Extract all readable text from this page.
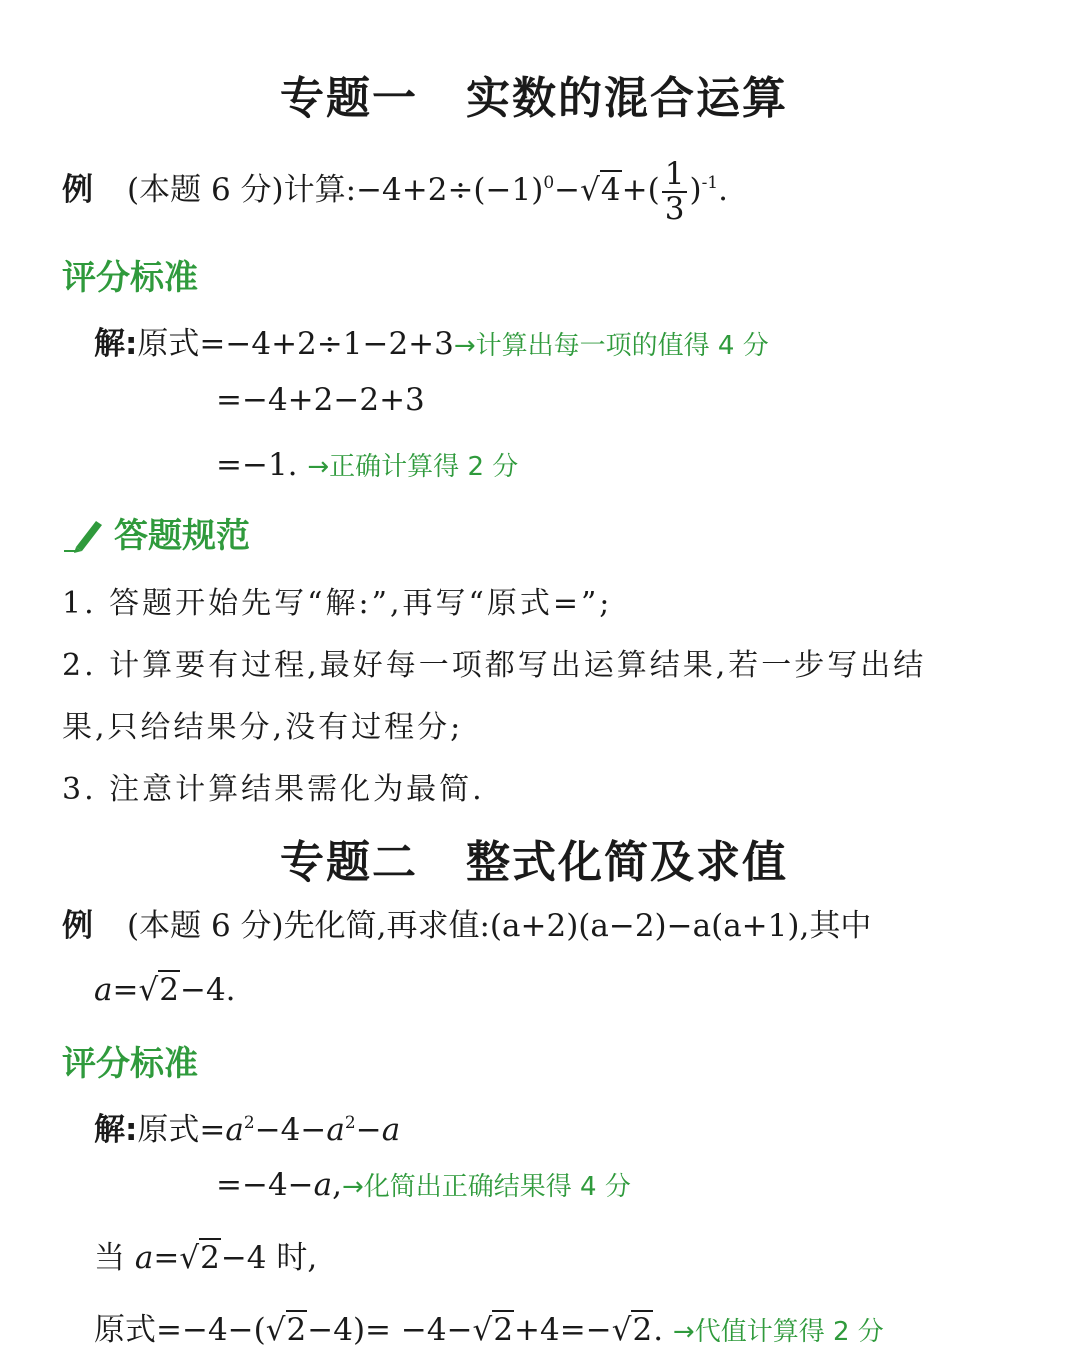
专题一 实数的混合运算
例 (本题 6 分)计算$:-4+2\div(-1)^0-√4+( \frac{1}{3} )^{-1}$.
评分标准
解:原式=−4+2÷1−2+3→计算出每一项的值得 4 分
=−4+2−2+3
=−1. →正确计算得 2 分
答题规范
1. 答题开始先写“解:”,再写“原式=”;
2. 计算要有过程,最好每一项都写出运算结果,若一步写出结
果,只给结果分,没有过程分;
3. 注意计算结果需化为最简.
专题二 整式化简及求值
例 (本题 6 分)先化简,再求值:(a+2)(a−2)−a(a+1),其中
a=√2−4.
评分标准
解:原式$=a^2-4-a^2-a$
=−4−a,→化简出正确结果得 4 分
当 a=√2−4 时,
原式=−4−(√2−4)= −4−√2+4=−√2. →代值计算得 2 分
